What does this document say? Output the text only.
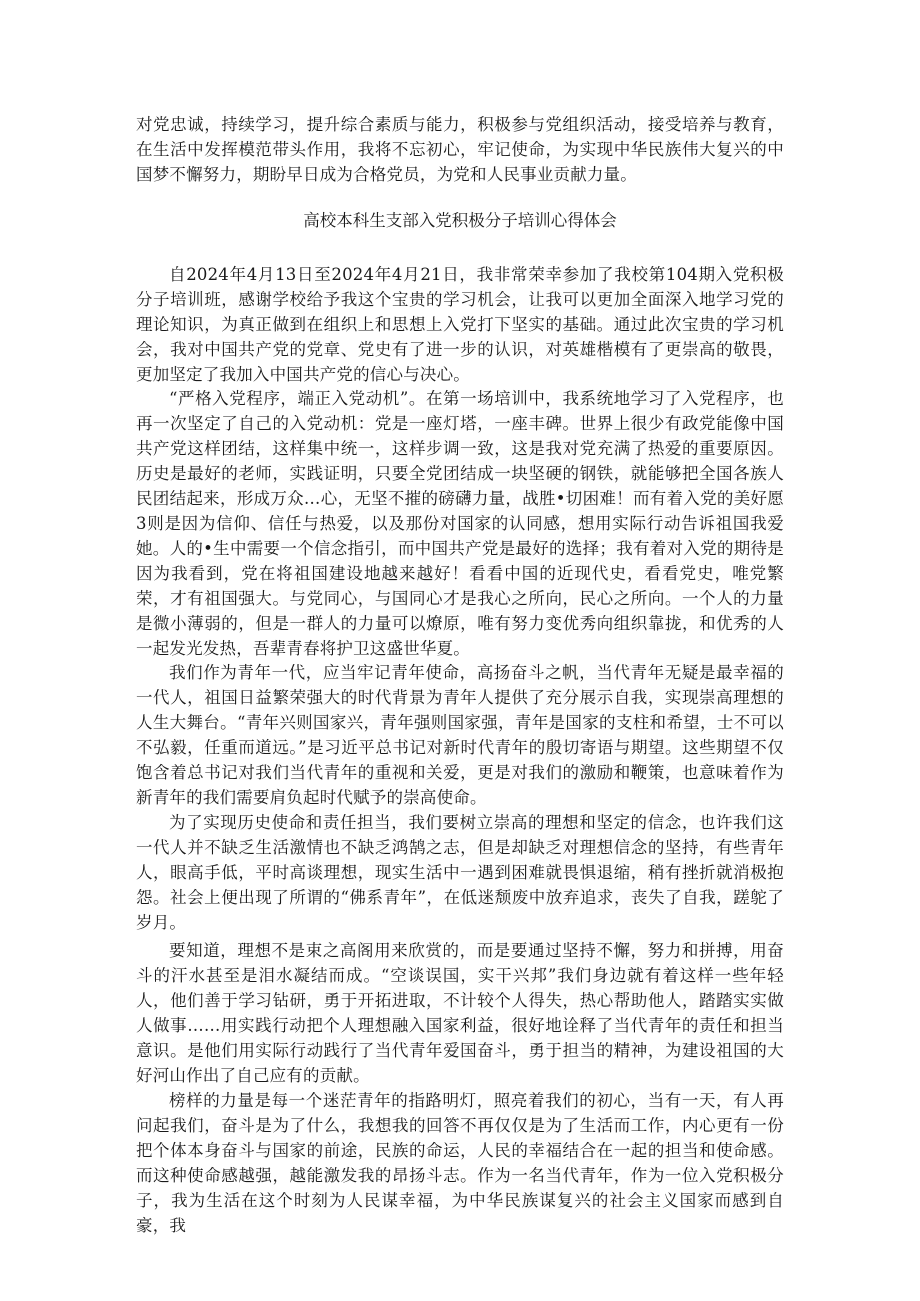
对党忠诚，持续学习，提升综合素质与能力，积极参与党组织活动，接受培养与教育，在生活中发挥模范带头作用，我将不忘初心，牢记使命，为实现中华民族伟大复兴的中国梦不懈努力，期盼早日成为合格党员，为党和人民事业贡献力量。

高校本科生支部入党积极分子培训心得体会

自2024年4月13日至2024年4月21日，我非常荣幸参加了我校第104期入党积极分子培训班，感谢学校给予我这个宝贵的学习机会，让我可以更加全面深入地学习党的理论知识，为真正做到在组织上和思想上入党打下坚实的基础。通过此次宝贵的学习机会，我对中国共产党的党章、党史有了进一步的认识，对英雄楷模有了更崇高的敬畏，更加坚定了我加入中国共产党的信心与决心。

“严格入党程序，端正入党动机”。在第一场培训中，我系统地学习了入党程序，也再一次坚定了自己的入党动机：党是一座灯塔，一座丰碑。世界上很少有政党能像中国共产党这样团结，这样集中统一，这样步调一致，这是我对党充满了热爱的重要原因。历史是最好的老师，实践证明，只要全党团结成一块坚硬的钢铁，就能够把全国各族人民团结起来，形成万众…心，无坚不摧的磅礴力量，战胜•切困难！而有着入党的美好愿3则是因为信仰、信任与热爱，以及那份对国家的认同感，想用实际行动告诉祖国我爱她。人的•生中需要一个信念指引，而中国共产党是最好的选择；我有着对入党的期待是因为我看到，党在将祖国建设地越来越好！看看中国的近现代史，看看党史，唯党繁荣，才有祖国强大。与党同心，与国同心才是我心之所向，民心之所向。一个人的力量是微小薄弱的，但是一群人的力量可以燎原，唯有努力变优秀向组织靠拢，和优秀的人一起发光发热，吾辈青春将护卫这盛世华夏。

我们作为青年一代，应当牢记青年使命，高扬奋斗之帆，当代青年无疑是最幸福的一代人，祖国日益繁荣强大的时代背景为青年人提供了充分展示自我，实现崇高理想的人生大舞台。“青年兴则国家兴，青年强则国家强，青年是国家的支柱和希望，士不可以不弘毅，任重而道远。”是习近平总书记对新时代青年的殷切寄语与期望。这些期望不仅饱含着总书记对我们当代青年的重视和关爱，更是对我们的激励和鞭策，也意味着作为新青年的我们需要肩负起时代赋予的崇高使命。

为了实现历史使命和责任担当，我们要树立崇高的理想和坚定的信念，也许我们这一代人并不缺乏生活激情也不缺乏鸿鹄之志，但是却缺乏对理想信念的坚持，有些青年人，眼高手低，平时高谈理想，现实生活中一遇到困难就畏惧退缩，稍有挫折就消极抱怨。社会上便出现了所谓的“佛系青年”，在低迷颓废中放弃追求，丧失了自我，蹉鸵了岁月。

要知道，理想不是束之高阁用来欣赏的，而是要通过坚持不懈，努力和拼搏，用奋斗的汗水甚至是泪水凝结而成。“空谈误国，实干兴邦”我们身边就有着这样一些年轻人，他们善于学习钻研，勇于开拓进取，不计较个人得失，热心帮助他人，踏踏实实做人做事……用实践行动把个人理想融入国家利益，很好地诠释了当代青年的责任和担当意识。是他们用实际行动践行了当代青年爱国奋斗，勇于担当的精神，为建设祖国的大好河山作出了自己应有的贡献。

榜样的力量是每一个迷茫青年的指路明灯，照亮着我们的初心，当有一天，有人再问起我们，奋斗是为了什么，我想我的回答不再仅仅是为了生活而工作，内心更有一份把个体本身奋斗与国家的前途，民族的命运，人民的幸福结合在一起的担当和使命感。而这种使命感越强，越能激发我的昂扬斗志。作为一名当代青年，作为一位入党积极分子，我为生活在这个时刻为人民谋幸福，为中华民族谋复兴的社会主义国家而感到自豪，我
